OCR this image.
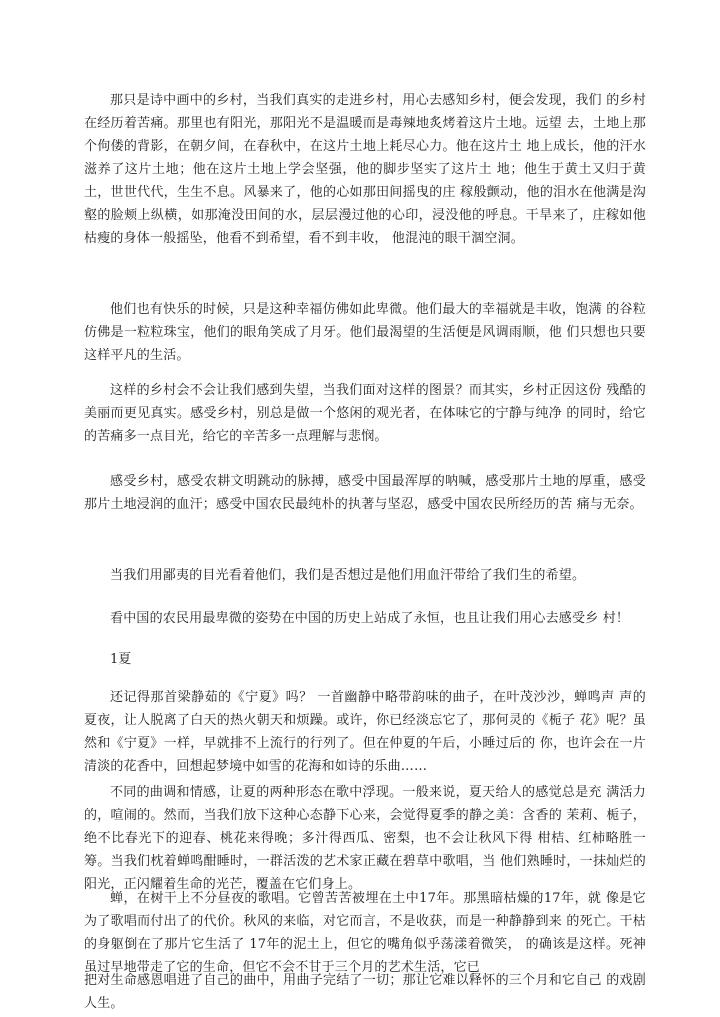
那只是诗中画中的乡村，当我们真实的走进乡村，用心去感知乡村，便会发现，我们 的乡村在经历着苦痛。那里也有阳光，那阳光不是温暖而是毒辣地炙烤着这片土地。远望 去，土地上那个佝偻的背影，在朝夕间，在春秋中，在这片土地上耗尽心力。他在这片土 地上成长，他的汗水滋养了这片土地；他在这片土地上学会坚强，他的脚步坚实了这片土 地；他生于黄土又归于黄土，世世代代，生生不息。风暴来了，他的心如那田间摇曳的庄 稼般颤动，他的泪水在他满是沟壑的脸颊上纵横，如那淹没田间的水，层层漫过他的心印，浸没他的呼息。干旱来了，庄稼如他枯瘦的身体一般摇坠，他看不到希望，看不到丰收， 他混沌的眼干涸空洞。

他们也有快乐的时候，只是这种幸福仿佛如此卑微。他们最大的幸福就是丰收，饱满 的谷粒仿佛是一粒粒珠宝，他们的眼角笑成了月牙。他们最渴望的生活便是风调雨顺，他 们只想也只要这样平凡的生活。

这样的乡村会不会让我们感到失望，当我们面对这样的图景？而其实，乡村正因这份 残酷的美丽而更见真实。感受乡村，别总是做一个悠闲的观光者，在体味它的宁静与纯净 的同时，给它的苦痛多一点目光，给它的辛苦多一点理解与悲悯。

感受乡村，感受农耕文明跳动的脉搏，感受中国最浑厚的呐喊，感受那片土地的厚重，感受那片土地浸润的血汗；感受中国农民最纯朴的执著与坚忍，感受中国农民所经历的苦 痛与无奈。

当我们用鄙夷的目光看着他们，我们是否想过是他们用血汗带给了我们生的希望。

看中国的农民用最卑微的姿势在中国的历史上站成了永恒，也且让我们用心去感受乡 村！

1夏

还记得那首梁静茹的《宁夏》吗？ 一首幽静中略带韵味的曲子，在叶茂沙沙，蝉鸣声 声的夏夜，让人脱离了白天的热火朝天和烦躁。或许，你已经淡忘它了，那何灵的《栀子 花》呢？虽然和《宁夏》一样，早就排不上流行的行列了。但在仲夏的午后，小睡过后的 你，也许会在一片清淡的花香中，回想起梦境中如雪的花海和如诗的乐曲……

不同的曲调和情感，让夏的两种形态在歌中浮现。一般来说，夏天给人的感觉总是充 满活力的，喧闹的。然而，当我们放下这种心态静下心来，会觉得夏季的静之美：含香的 茉莉、栀子，绝不比春光下的迎春、桃花来得晚；多汁得西瓜、密梨，也不会让秋风下得 柑桔、红柿略胜一筹。当我们枕着蝉鸣酣睡时，一群活泼的艺术家正藏在碧草中歌唱，当 他们熟睡时，一抹灿烂的阳光，正闪耀着生命的光芒，覆盖在它们身上。

蝉，在树干上不分昼夜的歌唱。它曾苦苦被埋在土中17年。那黑暗枯燥的17年，就 像是它为了歌唱而付出了的代价。秋风的来临，对它而言，不是收获，而是一种静静到来 的死亡。干枯的身躯倒在了那片它生活了 17年的泥土上，但它的嘴角似乎荡漾着微笑， 的确该是这样。死神虽过早地带走了它的生命，但它不会不甘于三个月的艺术生活，它已

把对生命感恩唱进了自己的曲中，用曲子完结了一切；那让它难以释怀的三个月和它自己 的戏剧人生。
